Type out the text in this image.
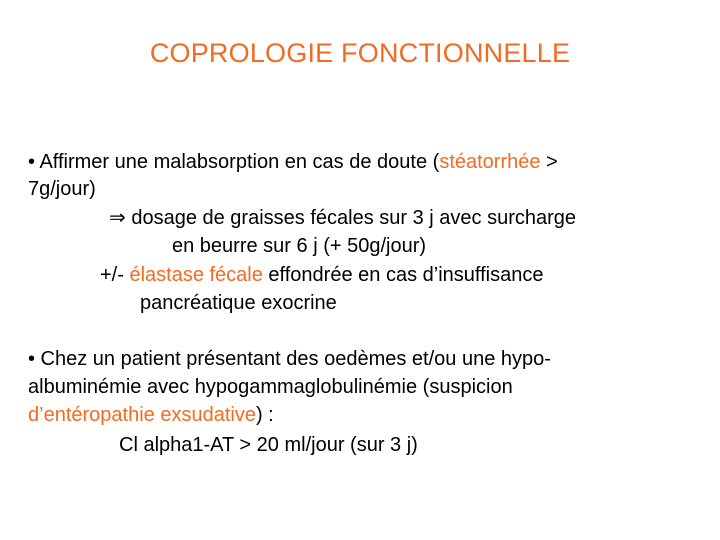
COPROLOGIE FONCTIONNELLE
• Affirmer une malabsorption en cas de doute (stéatorrhée >
7g/jour)
⇒ dosage de graisses fécales sur 3 j avec surcharge
en beurre sur 6 j (+ 50g/jour)
+/- élastase fécale effondrée en cas d’insuffisance
pancréatique exocrine
• Chez un patient présentant des oedèmes et/ou une hypo-
albuminémie avec hypogammaglobulinémie (suspicion
d’entéropathie exsudative) :
Cl alpha1-AT > 20 ml/jour (sur 3 j)
